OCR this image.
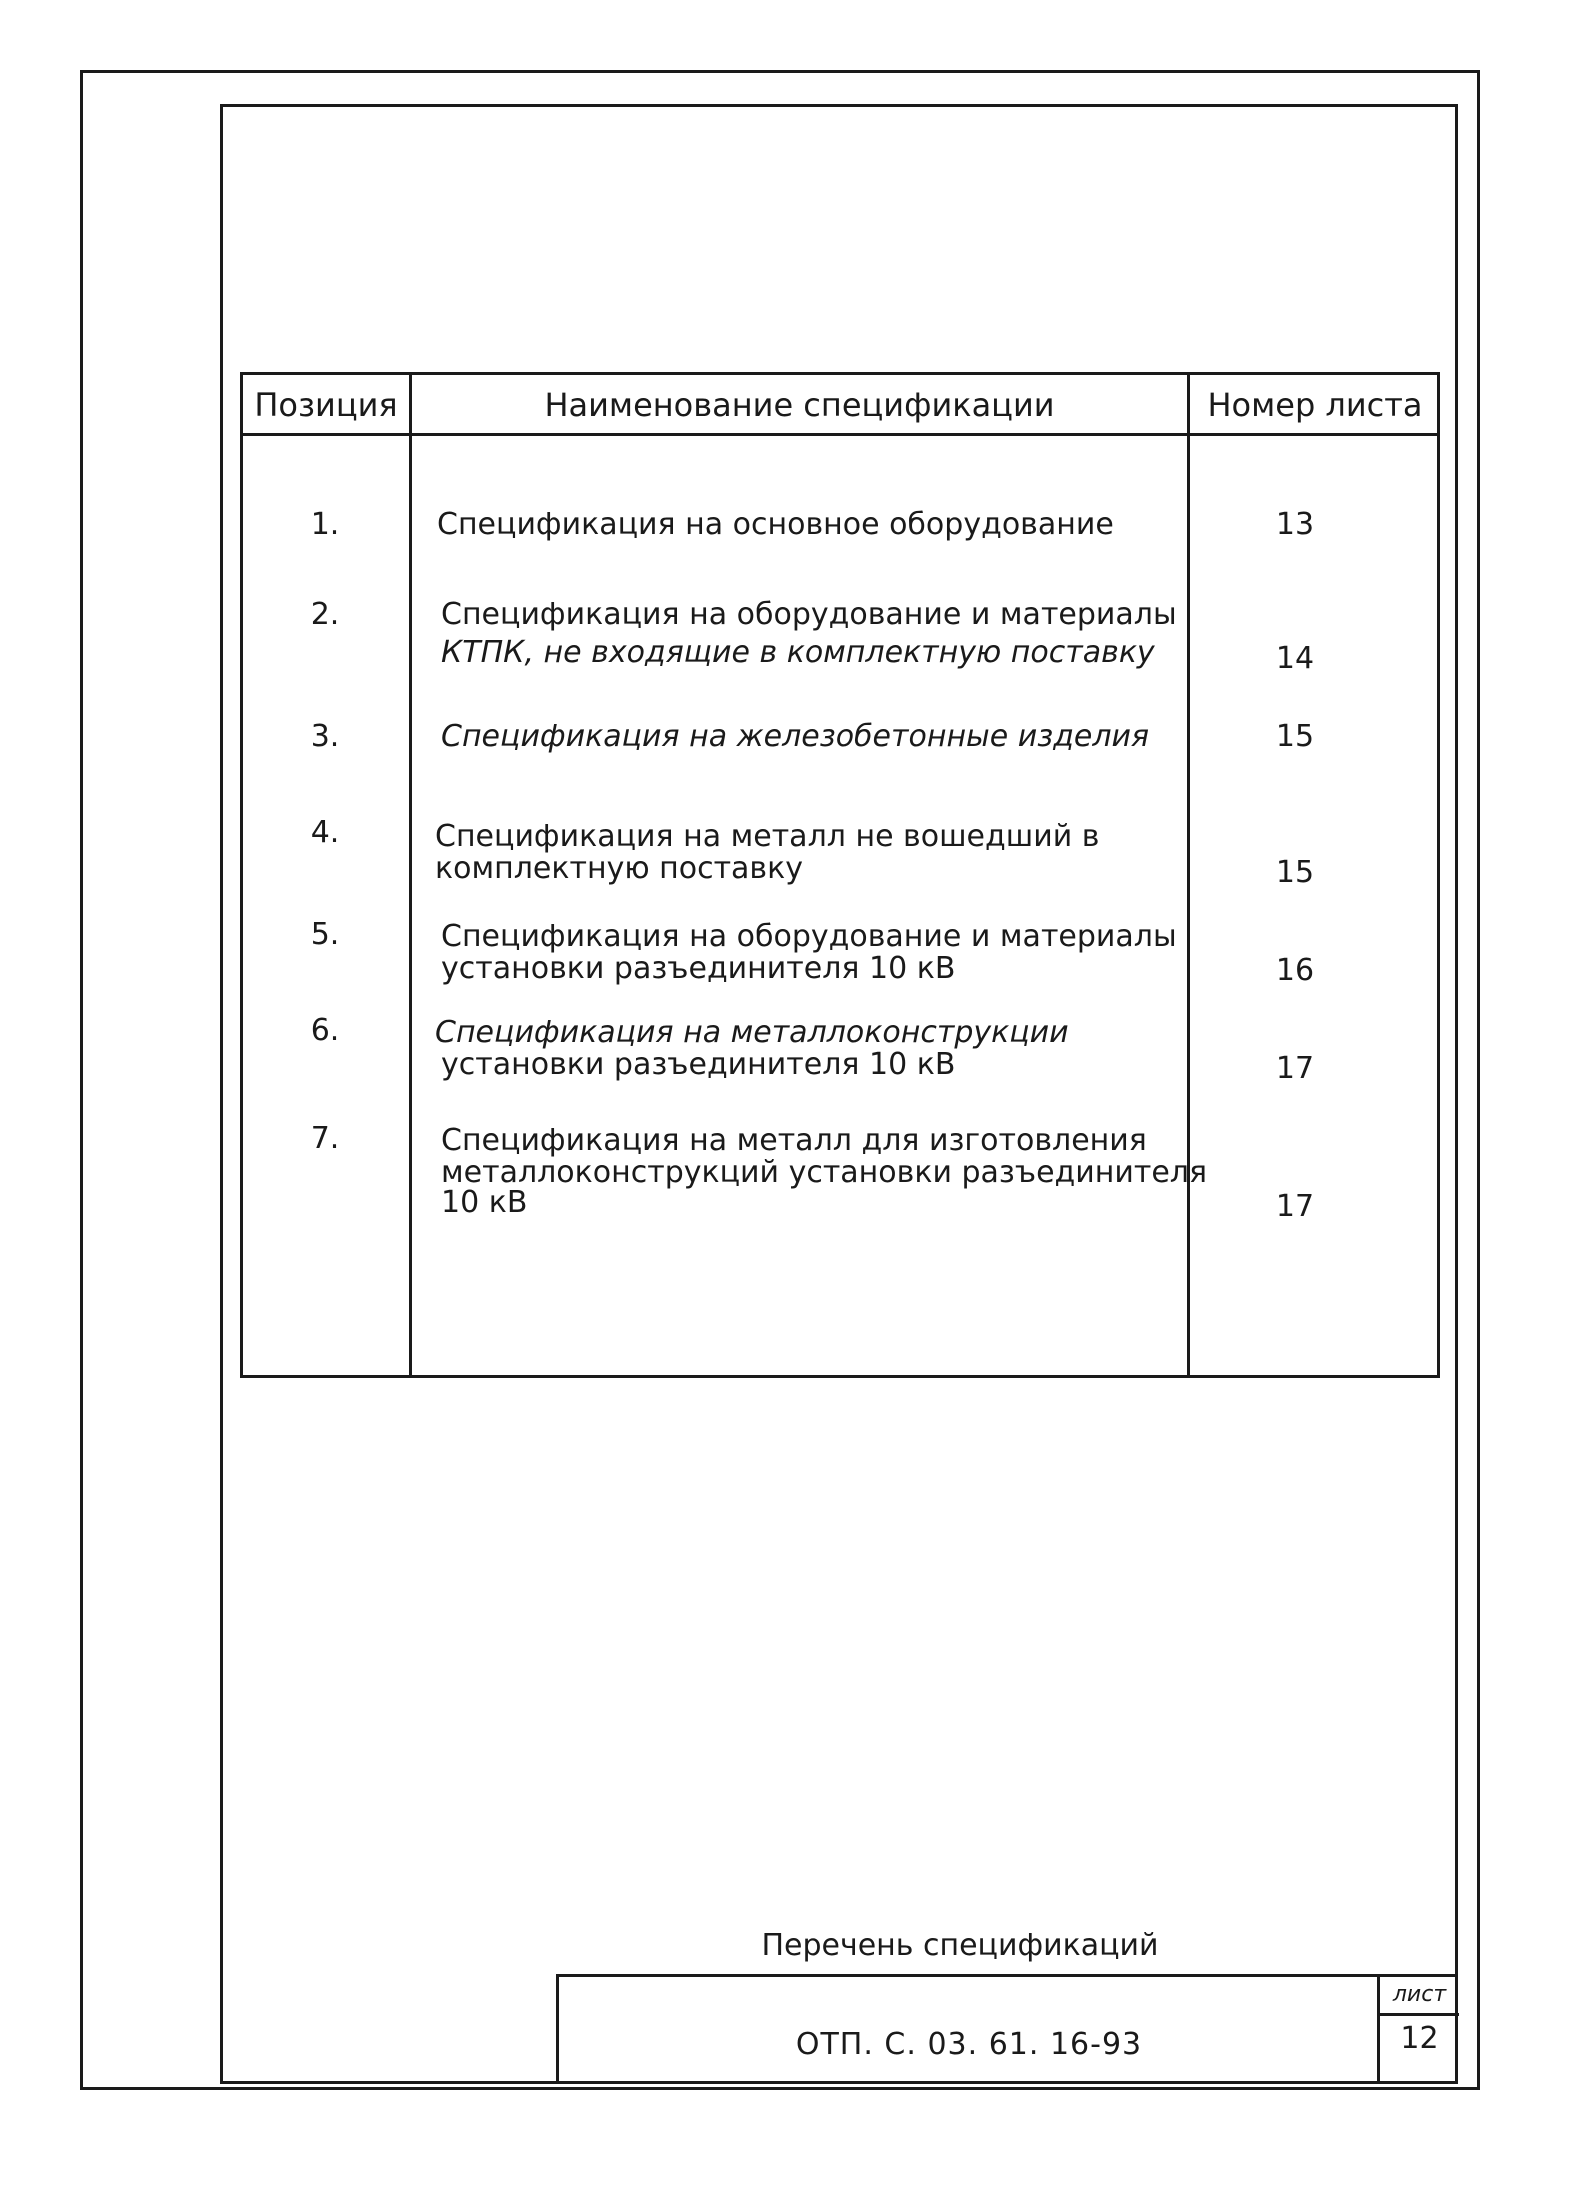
Позиция	Наименование спецификации	Номер листа
1.	Спецификация на основное оборудование	13
2.	Спецификация на оборудование и материалы
КТПК, не входящие в комплектную поставку	14
3.	Спецификация на железобетонные изделия	15
4.	Спецификация на металл не вошедший в
комплектную поставку	15
5.	Спецификация на оборудование и материалы
установки разъединителя 10 кВ	16
6.	Спецификация на металлоконструкции
установки разъединителя 10 кВ	17
7.	Спецификация на металл для изготовления
металлоконструкций установки разъединителя
10 кВ	17
Перечень спецификаций
ОТП. С. 03. 61. 16-93
лист
12
